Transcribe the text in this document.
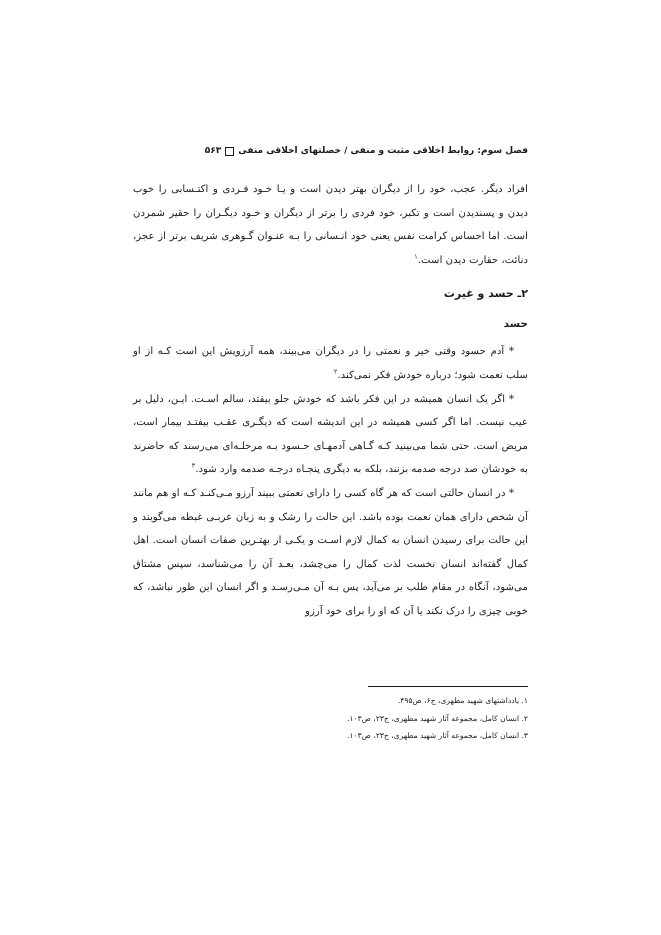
فصل سوم: روابط اخلاقی مثبت و منفی / خصلتهای اخلاقی منفی
۵۶۳

افراد دیگر. عجب، خود را از دیگران بهتر دیدن است و یـا خـود فـردی و اکتـسابی را خوب دیدن و پسندیدن است و تکبر، خود فردی را برتر از دیگران و خـود دیگـران را حقیر شمردن است. اما احساس کرامت نفس یعنی خود انـسانی را بـه عنـوان گـوهری شریف برتر از عجز، دنائت، حقارت دیدن است.$^۱$

۲ـ حسد و غیرت
حسد

* آدم حسود وقتی خیر و نعمتی را در دیگران می‌بیند، همه آرزویش این است کـه از او سلب نعمت شود؛ درباره خودش فکر نمی‌کند.$^۲$

* اگر یک انسان همیشه در این فکر باشد که خودش جلو بیفتد، سالم اسـت. ایـن، دلیل بر عیب نیست. اما اگر کسی همیشه در این اندیشه است که دیگـری عقـب بیفتـد بیمار است، مریض است. حتی شما می‌بینید کـه گـاهی آدمهـای حـسود بـه مرحلـه‌ای می‌رسند که حاضرند به خودشان صد درجه صدمه بزنند، بلکه به دیگری پنجـاه درجـه صدمه وارد شود.$^۳$

* در انسان حالتی است که هر گاه کسی را دارای نعمتی ببیند آرزو مـی‌کنـد کـه او هم مانند آن شخص دارای همان نعمت بوده باشد. این حالت را رشک و به زبان عربـی غبطه می‌گویند و این حالت برای رسیدن انسان به کمال لازم اسـت و یکـی از بهتـرین صفات انسان است. اهل کمال گفته‌اند انسان نخست لذت کمال را می‌چشد، بعـد آن را می‌شناسد، سپس مشتاق می‌شود، آنگاه در مقام طلب بر می‌آید، پس بـه آن مـی‌رسـد و اگر انسان این طور نباشد، که خوبی چیزی را درک نکند یا آن که او را برای خود آرزو

۱. یادداشتهای شهید مطهری، ج۶، ص۴۹۵.

۲. انسان کامل، مجموعه آثار شهید مطهری، ج۲۳، ص۱۰۳.

۳. انسان کامل، مجموعه آثار شهید مطهری، ج۲۳، ص۱۰۳.
